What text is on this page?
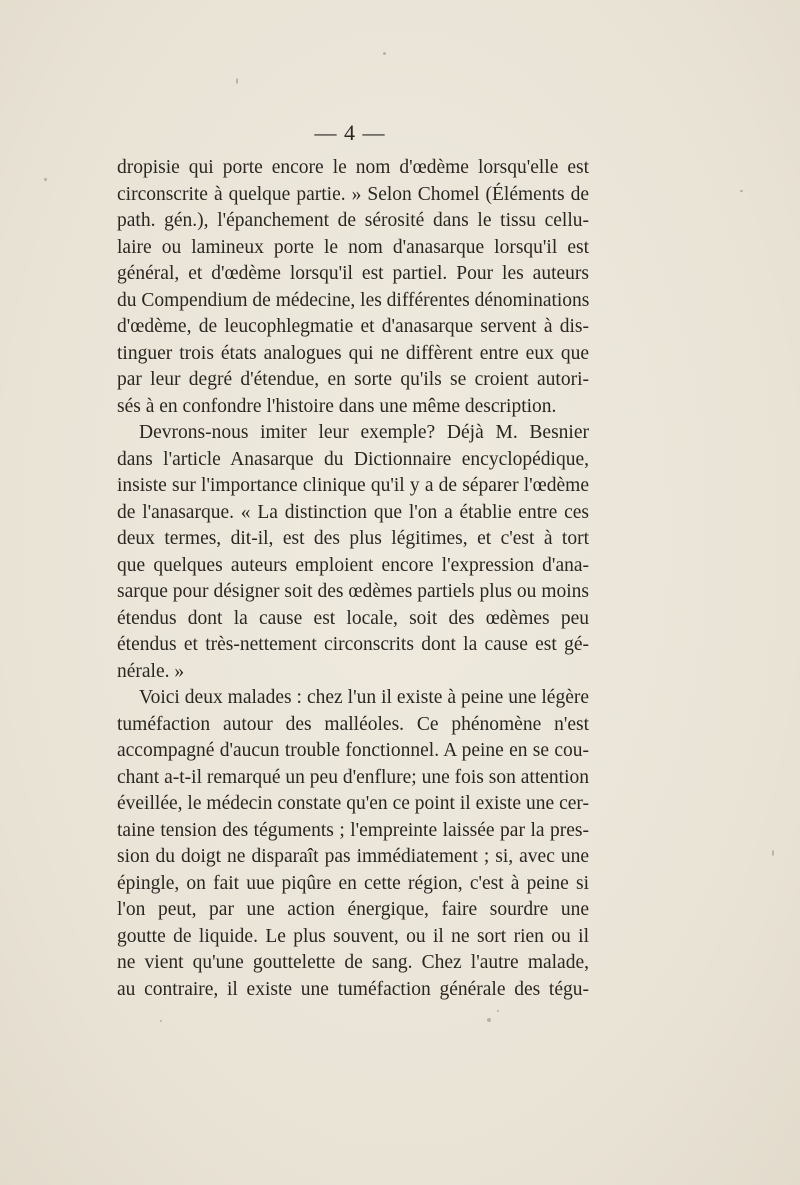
— 4 —
dropisie qui porte encore le nom d'œdème lorsqu'elle est
circonscrite à quelque partie. » Selon Chomel (Éléments de
path. gén.), l'épanchement de sérosité dans le tissu cellu-
laire ou lamineux porte le nom d'anasarque lorsqu'il est
général, et d'œdème lorsqu'il est partiel. Pour les auteurs
du Compendium de médecine, les différentes dénominations
d'œdème, de leucophlegmatie et d'anasarque servent à dis-
tinguer trois états analogues qui ne diffèrent entre eux que
par leur degré d'étendue, en sorte qu'ils se croient autori-
sés à en confondre l'histoire dans une même description.
Devrons-nous imiter leur exemple? Déjà M. Besnier
dans l'article Anasarque du Dictionnaire encyclopédique,
insiste sur l'importance clinique qu'il y a de séparer l'œdème
de l'anasarque. « La distinction que l'on a établie entre ces
deux termes, dit-il, est des plus légitimes, et c'est à tort
que quelques auteurs emploient encore l'expression d'ana-
sarque pour désigner soit des œdèmes partiels plus ou moins
étendus dont la cause est locale, soit des œdèmes peu
étendus et très-nettement circonscrits dont la cause est gé-
nérale. »
Voici deux malades : chez l'un il existe à peine une légère
tuméfaction autour des malléoles. Ce phénomène n'est
accompagné d'aucun trouble fonctionnel. A peine en se cou-
chant a-t-il remarqué un peu d'enflure; une fois son attention
éveillée, le médecin constate qu'en ce point il existe une cer-
taine tension des téguments ; l'empreinte laissée par la pres-
sion du doigt ne disparaît pas immédiatement ; si, avec une
épingle, on fait uue piqûre en cette région, c'est à peine si
l'on peut, par une action énergique, faire sourdre une
goutte de liquide. Le plus souvent, ou il ne sort rien ou il
ne vient qu'une gouttelette de sang. Chez l'autre malade,
au contraire, il existe une tuméfaction générale des tégu-
